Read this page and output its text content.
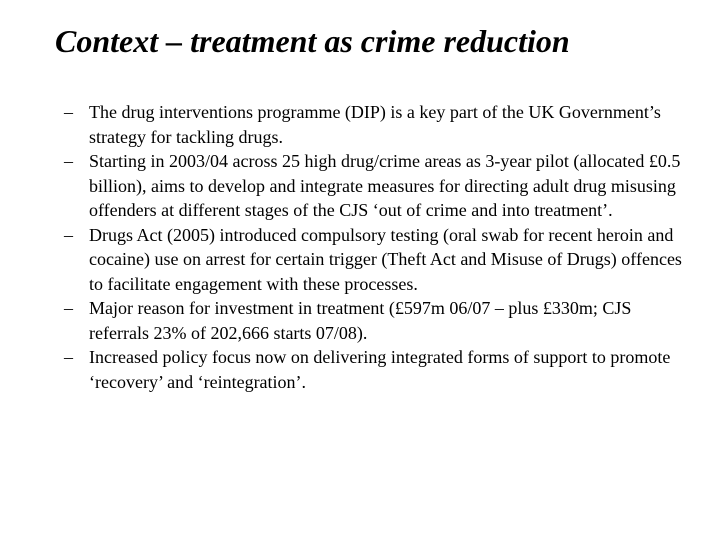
Context – treatment as crime reduction
– The drug interventions programme (DIP) is a key part of the UK Government’s strategy for tackling drugs.
– Starting in 2003/04 across 25 high drug/crime areas as 3-year pilot (allocated £0.5 billion), aims to develop and integrate measures for directing adult drug misusing offenders at different stages of the CJS ‘out of crime and into treatment’.
– Drugs Act (2005) introduced compulsory testing (oral swab for recent heroin and cocaine) use on arrest for certain trigger (Theft Act and Misuse of Drugs) offences to facilitate engagement with these processes.
– Major reason for investment in treatment (£597m 06/07 – plus £330m; CJS referrals 23% of 202,666 starts 07/08).
– Increased policy focus now on delivering integrated forms of support to promote ‘recovery’ and ‘reintegration’.
